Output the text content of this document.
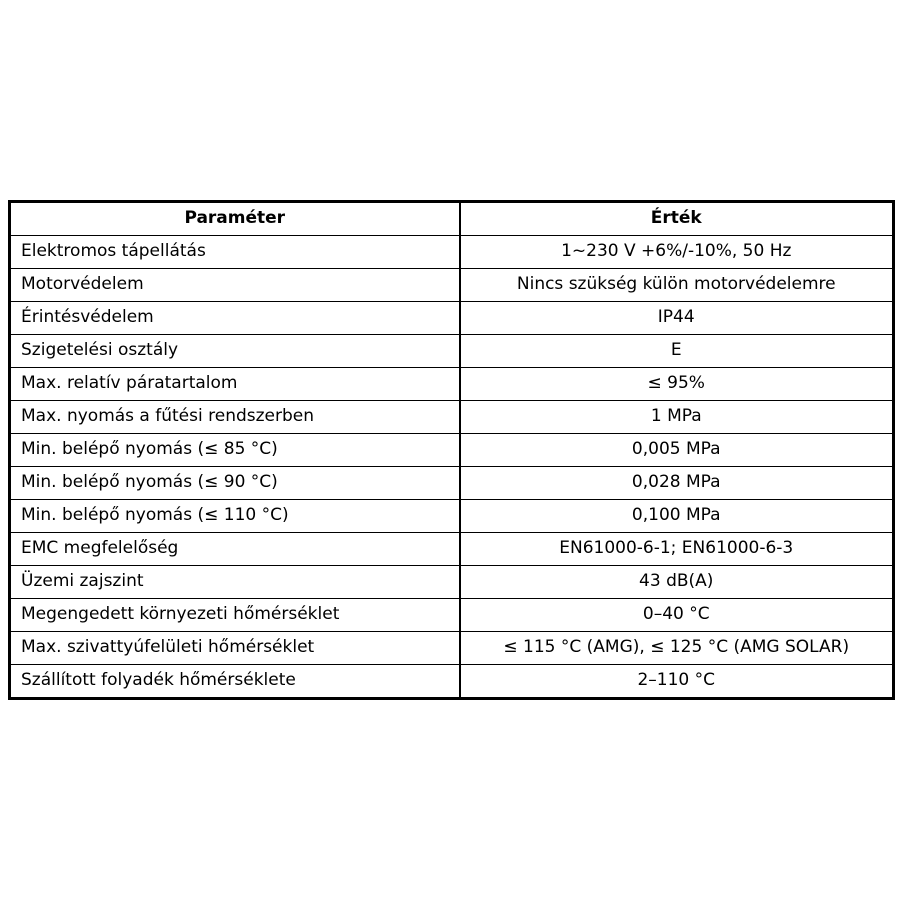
Paraméter	Érték
Elektromos tápellátás	1~230 V +6%/-10%, 50 Hz
Motorvédelem	Nincs szükség külön motorvédelemre
Érintésvédelem	IP44
Szigetelési osztály	E
Max. relatív páratartalom	≤ 95%
Max. nyomás a fűtési rendszerben	1 MPa
Min. belépő nyomás (≤ 85 °C)	0,005 MPa
Min. belépő nyomás (≤ 90 °C)	0,028 MPa
Min. belépő nyomás (≤ 110 °C)	0,100 MPa
EMC megfelelőség	EN61000-6-1; EN61000-6-3
Üzemi zajszint	43 dB(A)
Megengedett környezeti hőmérséklet	0–40 °C
Max. szivattyúfelületi hőmérséklet	≤ 115 °C (AMG), ≤ 125 °C (AMG SOLAR)
Szállított folyadék hőmérséklete	2–110 °C
